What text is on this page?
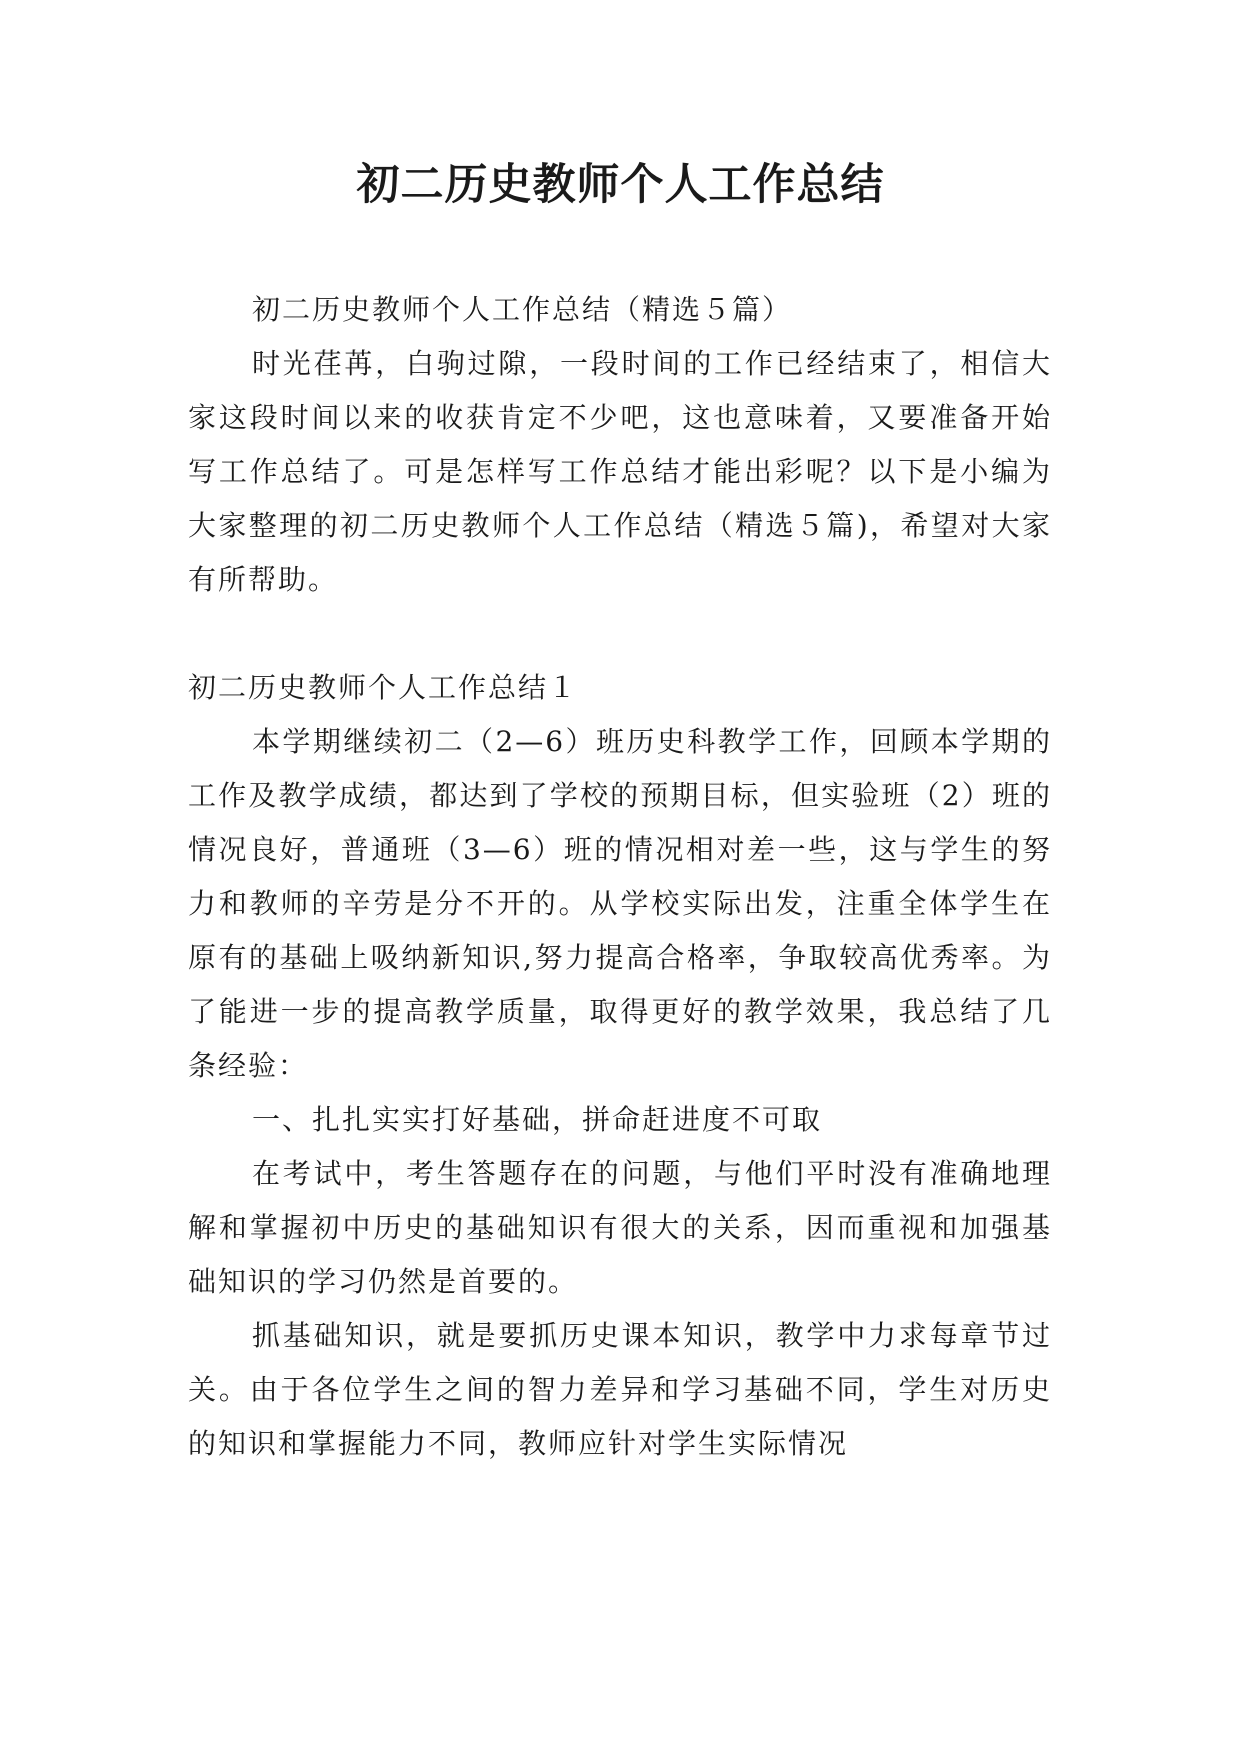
初二历史教师个人工作总结

初二历史教师个人工作总结（精选５篇）

时光荏苒，白驹过隙，一段时间的工作已经结束了，相信大家这段时间以来的收获肯定不少吧，这也意味着，又要准备开始写工作总结了。可是怎样写工作总结才能出彩呢？以下是小编为大家整理的初二历史教师个人工作总结（精选５篇)，希望对大家有所帮助。

初二历史教师个人工作总结１

本学期继续初二（2—6）班历史科教学工作，回顾本学期的工作及教学成绩，都达到了学校的预期目标，但实验班（2）班的情况良好，普通班（3—6）班的情况相对差一些，这与学生的努力和教师的辛劳是分不开的。从学校实际出发，注重全体学生在原有的基础上吸纳新知识,努力提高合格率，争取较高优秀率。为了能进一步的提高教学质量，取得更好的教学效果，我总结了几条经验：

一、扎扎实实打好基础，拼命赶进度不可取

在考试中，考生答题存在的问题，与他们平时没有准确地理解和掌握初中历史的基础知识有很大的关系，因而重视和加强基础知识的学习仍然是首要的。

抓基础知识，就是要抓历史课本知识，教学中力求每章节过关。由于各位学生之间的智力差异和学习基础不同，学生对历史的知识和掌握能力不同，教师应针对学生实际情况
